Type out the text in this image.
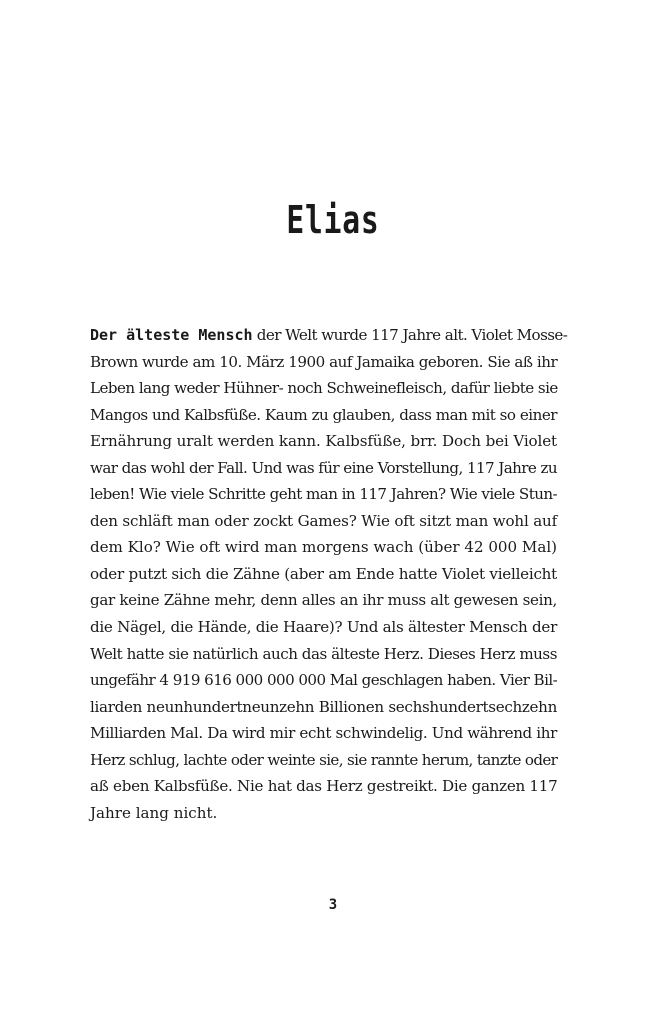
Elias
Der älteste Mensch der Welt wurde 117 Jahre alt. Violet Mosse-
Brown wurde am 10. März 1900 auf Jamaika geboren. Sie aß ihr
Leben lang weder Hühner- noch Schweinefleisch, dafür liebte sie
Mangos und Kalbsfüße. Kaum zu glauben, dass man mit so einer
Ernährung uralt werden kann. Kalbsfüße, brr. Doch bei Violet
war das wohl der Fall. Und was für eine Vorstellung, 117 Jahre zu
leben! Wie viele Schritte geht man in 117 Jahren? Wie viele Stun-
den schläft man oder zockt Games? Wie oft sitzt man wohl auf
dem Klo? Wie oft wird man morgens wach (über 42 000 Mal)
oder putzt sich die Zähne (aber am Ende hatte Violet vielleicht
gar keine Zähne mehr, denn alles an ihr muss alt gewesen sein,
die Nägel, die Hände, die Haare)? Und als ältester Mensch der
Welt hatte sie natürlich auch das älteste Herz. Dieses Herz muss
ungefähr 4 919 616 000 000 000 Mal geschlagen haben. Vier Bil-
liarden neunhundertneunzehn Billionen sechshundertsechzehn
Milliarden Mal. Da wird mir echt schwindelig. Und während ihr
Herz schlug, lachte oder weinte sie, sie rannte herum, tanzte oder
aß eben Kalbsfüße. Nie hat das Herz gestreikt. Die ganzen 117
Jahre lang nicht.

3
